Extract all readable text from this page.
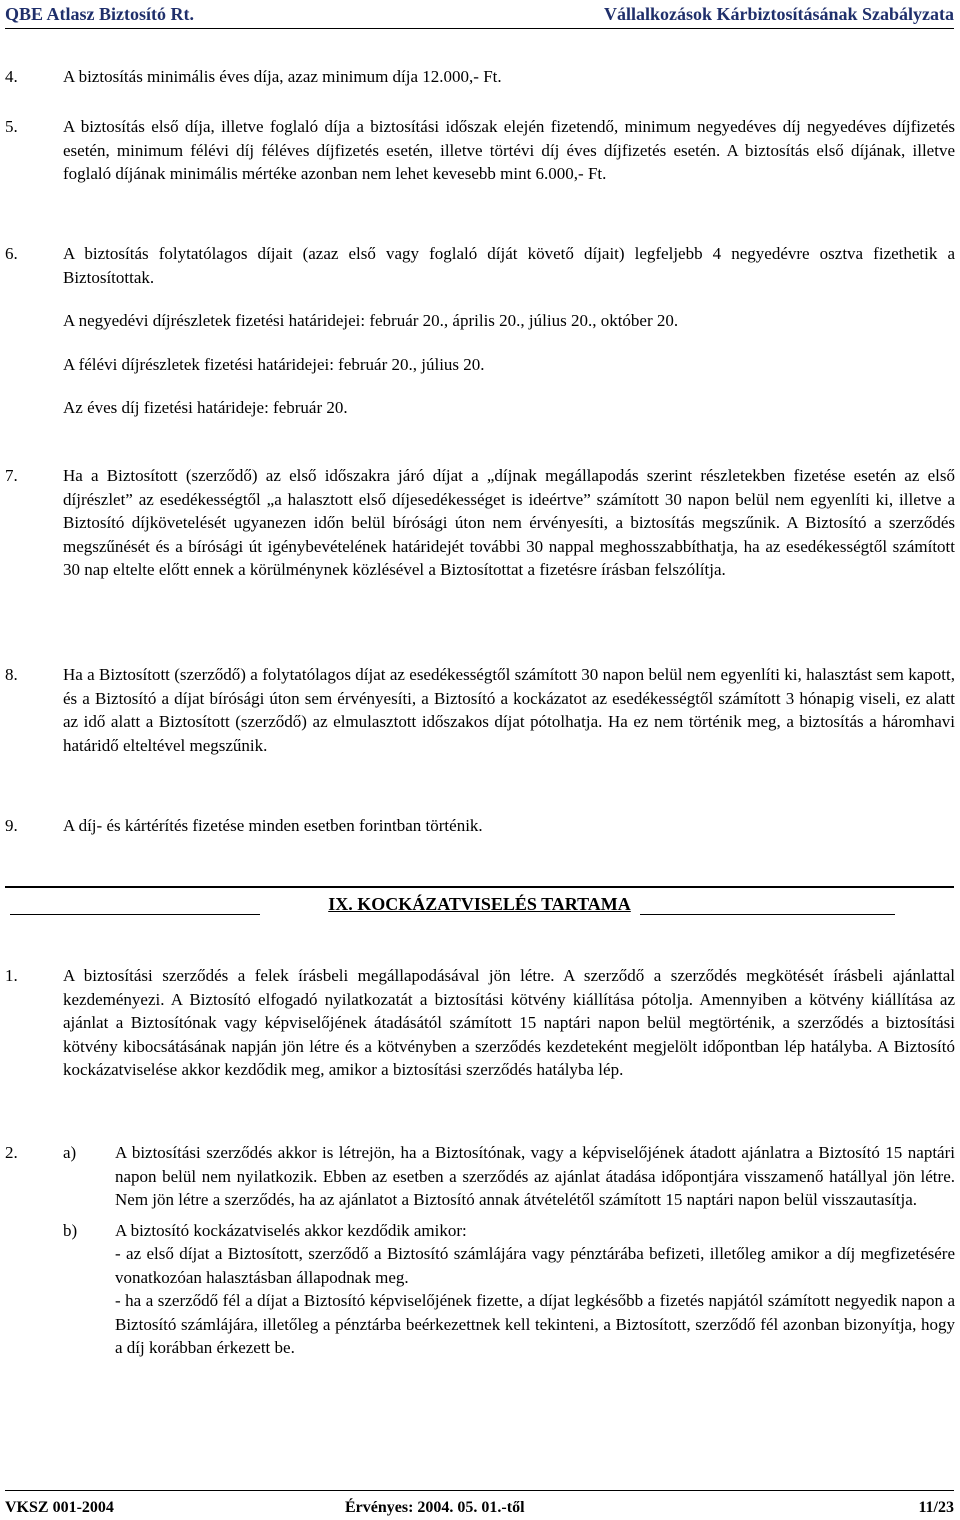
QBE Atlasz Biztosító Rt.	Vállalkozások Kárbiztosításának Szabályzata
4.	A biztosítás minimális éves díja, azaz minimum díja 12.000,- Ft.

5.	A biztosítás első díja, illetve foglaló díja a biztosítási időszak elején fizetendő, minimum negyedéves díj negyedéves díjfizetés esetén, minimum félévi díj féléves díjfizetés esetén, illetve törtévi díj éves díjfizetés esetén. A biztosítás első díjának, illetve foglaló díjának minimális mértéke azonban nem lehet kevesebb mint 6.000,- Ft.

6.	A biztosítás folytatólagos díjait (azaz első vagy foglaló díját követő díjait) legfeljebb 4 negyedévre osztva fizethetik a Biztosítottak.

A negyedévi díjrészletek fizetési határidejei: február 20., április 20., július 20., október 20.

A félévi díjrészletek fizetési határidejei: február 20., július 20.

Az éves díj fizetési határideje: február 20.

7.	Ha a Biztosított (szerződő) az első időszakra járó díjat a „díjnak megállapodás szerint részletekben fizetése esetén az első díjrészlet” az esedékességtől „a halasztott első díjesedékességet is ideértve” számított 30 napon belül nem egyenlíti ki, illetve a Biztosító díjkövetelését ugyanezen időn belül bírósági úton nem érvényesíti, a biztosítás megszűnik. A Biztosító a szerződés megszűnését és a bírósági út igénybevételének határidejét további 30 nappal meghosszabbíthatja, ha az esedékességtől számított 30 nap eltelte előtt ennek a körülménynek közlésével a Biztosítottat a fizetésre írásban felszólítja.

8.	Ha a Biztosított (szerződő) a folytatólagos díjat az esedékességtől számított 30 napon belül nem egyenlíti ki, halasztást sem kapott, és a Biztosító a díjat bírósági úton sem érvényesíti, a Biztosító a kockázatot az esedékességtől számított 3 hónapig viseli, ez alatt az idő alatt a Biztosított (szerződő) az elmulasztott időszakos díjat pótolhatja. Ha ez nem történik meg, a biztosítás a háromhavi határidő elteltével megszűnik.

9.	A díj- és kártérítés fizetése minden esetben forintban történik.

IX. KOCKÁZATVISELÉS TARTAMA
1.	A biztosítási szerződés a felek írásbeli megállapodásával jön létre. A szerződő a szerződés megkötését írásbeli ajánlattal kezdeményezi. A Biztosító elfogadó nyilatkozatát a biztosítási kötvény kiállítása pótolja. Amennyiben a kötvény kiállítása az ajánlat a Biztosítónak vagy képviselőjének átadásától számított 15 naptári napon belül megtörténik, a szerződés a biztosítási kötvény kibocsátásának napján jön létre és a kötvényben a szerződés kezdeteként megjelölt időpontban lép hatályba. A Biztosító kockázatviselése akkor kezdődik meg, amikor a biztosítási szerződés hatályba lép.

2.	a) A biztosítási szerződés akkor is létrejön, ha a Biztosítónak, vagy a képviselőjének átadott ajánlatra a Biztosító 15 naptári napon belül nem nyilatkozik. Ebben az esetben a szerződés az ajánlat átadása időpontjára visszamenő hatállyal jön létre. Nem jön létre a szerződés, ha az ajánlatot a Biztosító annak átvételétől számított 15 naptári napon belül visszautasítja.

b) A biztosító kockázatviselés akkor kezdődik amikor:

- az első díjat a Biztosított, szerződő a Biztosító számlájára vagy pénztárába befizeti, illetőleg amikor a díj megfizetésére vonatkozóan halasztásban állapodnak meg.

- ha a szerződő fél a díjat a Biztosító képviselőjének fizette, a díjat legkésőbb a fizetés napjától számított negyedik napon a Biztosító számlájára, illetőleg a pénztárba beérkezettnek kell tekinteni, a Biztosított, szerződő fél azonban bizonyítja, hogy a díj korábban érkezett be.

VKSZ 001-2004	Érvényes: 2004. 05. 01.-től	11/23
